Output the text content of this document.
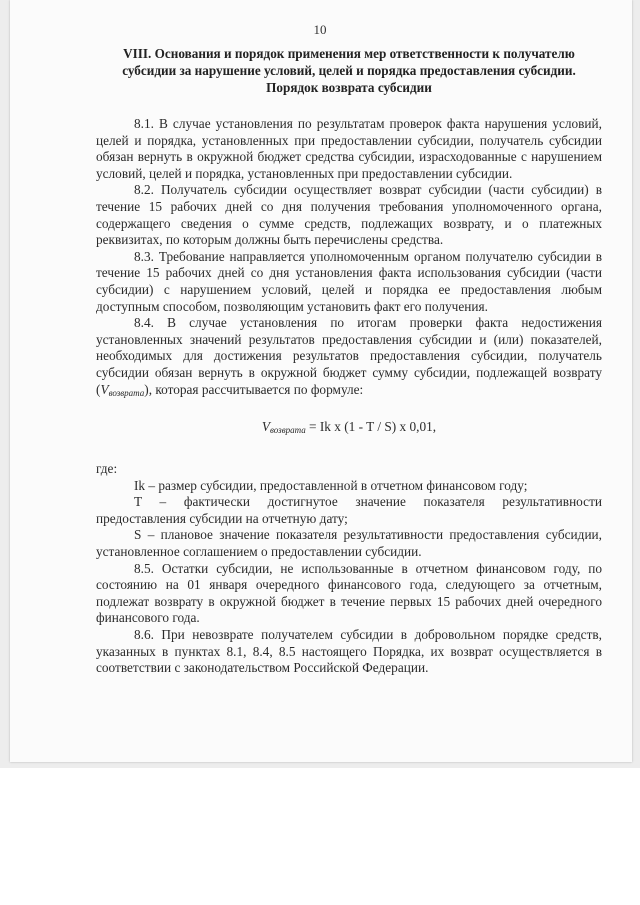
10
VIII. Основания и порядок применения мер ответственности к получателю субсидии за нарушение условий, целей и порядка предоставления субсидии. Порядок возврата субсидии

8.1. В случае установления по результатам проверок факта нарушения условий, целей и порядка, установленных при предоставлении субсидии, получатель субсидии обязан вернуть в окружной бюджет средства субсидии, израсходованные с нарушением условий, целей и порядка, установленных при предоставлении субсидии.

8.2. Получатель субсидии осуществляет возврат субсидии (части субсидии) в течение 15 рабочих дней со дня получения требования уполномоченного органа, содержащего сведения о сумме средств, подлежащих возврату, и о платежных реквизитах, по которым должны быть перечислены средства.

8.3. Требование направляется уполномоченным органом получателю субсидии в течение 15 рабочих дней со дня установления факта использования субсидии (части субсидии) с нарушением условий, целей и порядка ее предоставления любым доступным способом, позволяющим установить факт его получения.

8.4. В случае установления по итогам проверки факта недостижения установленных значений результатов предоставления субсидии и (или) показателей, необходимых для достижения результатов предоставления субсидии, получатель субсидии обязан вернуть в окружной бюджет сумму субсидии, подлежащей возврату $(V_{возврата})$, которая рассчитывается по формуле:

$V_{возврата} = Ik$ x (1 - T / S) x 0,01,

где:

Ik – размер субсидии, предоставленной в отчетном финансовом году;

T – фактически достигнутое значение показателя результативности предоставления субсидии на отчетную дату;

S – плановое значение показателя результативности предоставления субсидии, установленное соглашением о предоставлении субсидии.

8.5. Остатки субсидии, не использованные в отчетном финансовом году, по состоянию на 01 января очередного финансового года, следующего за отчетным, подлежат возврату в окружной бюджет в течение первых 15 рабочих дней очередного финансового года.

8.6. При невозврате получателем субсидии в добровольном порядке средств, указанных в пунктах 8.1, 8.4, 8.5 настоящего Порядка, их возврат осуществляется в соответствии с законодательством Российской Федерации.
